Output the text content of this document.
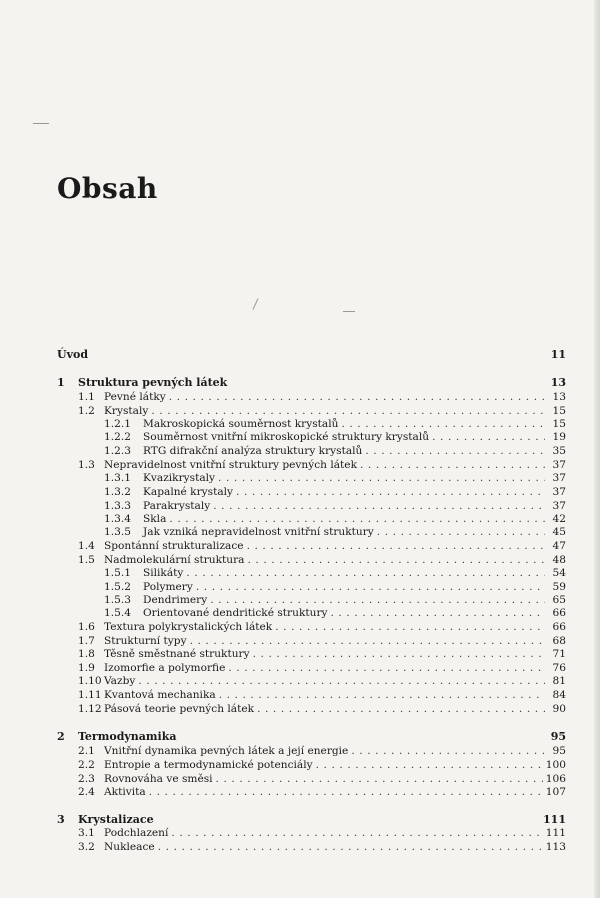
Obsah
Úvod	11
1 Struktura pevných látek	13
1.1 Pevné látky . . .	13
1.2 Krystaly . . .	15
1.2.1 Makroskopická souměrnost krystalů . . .	15
1.2.2 Souměrnost vnitřní mikroskopické struktury krystalů . . .	19
1.2.3 RTG difrakční analýza struktury krystalů . . .	35
1.3 Nepravidelnost vnitřní struktury pevných látek . . .	37
1.3.1 Kvazikrystaly . . .	37
1.3.2 Kapalné krystaly . . .	37
1.3.3 Parakrystaly . . .	37
1.3.4 Skla . . .	42
1.3.5 Jak vzniká nepravidelnost vnitřní struktury . . .	45
1.4 Spontánní strukturalizace . . .	47
1.5 Nadmolekulární struktura . . .	48
1.5.1 Silikáty . . .	54
1.5.2 Polymery . . .	59
1.5.3 Dendrimery . . .	65
1.5.4 Orientované dendritické struktury . . .	66
1.6 Textura polykrystalických látek . . .	66
1.7 Strukturní typy . . .	68
1.8 Těsně směstnané struktury . . .	71
1.9 Izomorfie a polymorfie . . .	76
1.10 Vazby . . .	81
1.11 Kvantová mechanika . . .	84
1.12 Pásová teorie pevných látek . . .	90
2 Termodynamika	95
2.1 Vnitřní dynamika pevných látek a její energie . . .	95
2.2 Entropie a termodynamické potenciály . . .	100
2.3 Rovnováha ve směsi . . .	106
2.4 Aktivita . . .	107
3 Krystalizace	111
3.1 Podchlazení . . .	111
3.2 Nukleace . . .	113
